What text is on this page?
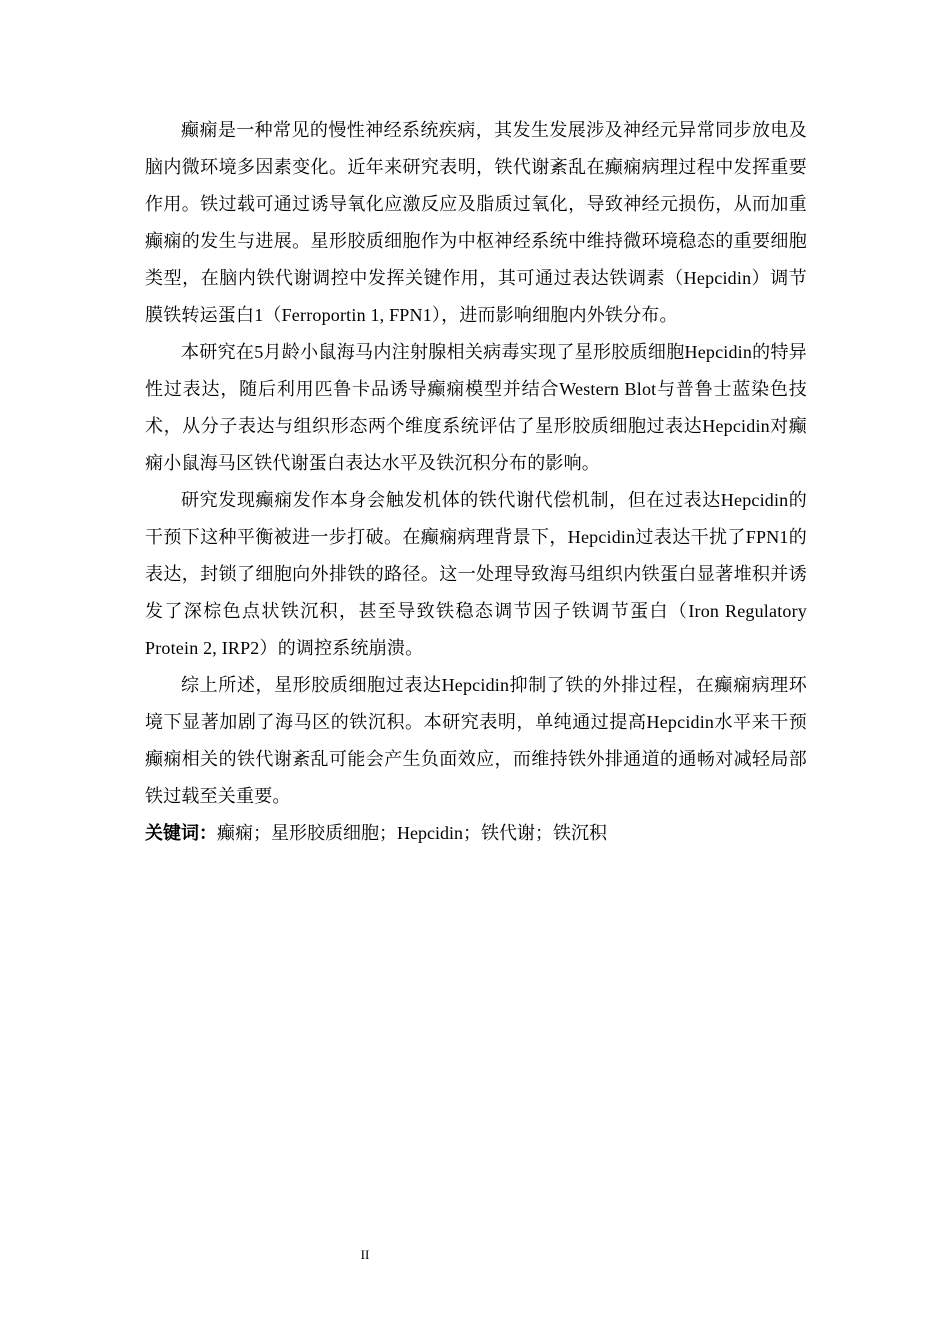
癫痫是一种常见的慢性神经系统疾病，其发生发展涉及神经元异常同步放电及脑内微环境多因素变化。近年来研究表明，铁代谢紊乱在癫痫病理过程中发挥重要作用。铁过载可通过诱导氧化应激反应及脂质过氧化，导致神经元损伤，从而加重癫痫的发生与进展。星形胶质细胞作为中枢神经系统中维持微环境稳态的重要细胞类型，在脑内铁代谢调控中发挥关键作用，其可通过表达铁调素（Hepcidin）调节膜铁转运蛋白1（Ferroportin 1, FPN1），进而影响细胞内外铁分布。

本研究在5月龄小鼠海马内注射腺相关病毒实现了星形胶质细胞Hepcidin的特异性过表达，随后利用匹鲁卡品诱导癫痫模型并结合Western Blot与普鲁士蓝染色技术，从分子表达与组织形态两个维度系统评估了星形胶质细胞过表达Hepcidin对癫痫小鼠海马区铁代谢蛋白表达水平及铁沉积分布的影响。

研究发现癫痫发作本身会触发机体的铁代谢代偿机制，但在过表达Hepcidin的干预下这种平衡被进一步打破。在癫痫病理背景下，Hepcidin过表达干扰了FPN1的表达，封锁了细胞向外排铁的路径。这一处理导致海马组织内铁蛋白显著堆积并诱发了深棕色点状铁沉积，甚至导致铁稳态调节因子铁调节蛋白（Iron Regulatory Protein 2, IRP2）的调控系统崩溃。

综上所述，星形胶质细胞过表达Hepcidin抑制了铁的外排过程，在癫痫病理环境下显著加剧了海马区的铁沉积。本研究表明，单纯通过提高Hepcidin水平来干预癫痫相关的铁代谢紊乱可能会产生负面效应，而维持铁外排通道的通畅对减轻局部铁过载至关重要。

关键词：癫痫；星形胶质细胞；Hepcidin；铁代谢；铁沉积

II
